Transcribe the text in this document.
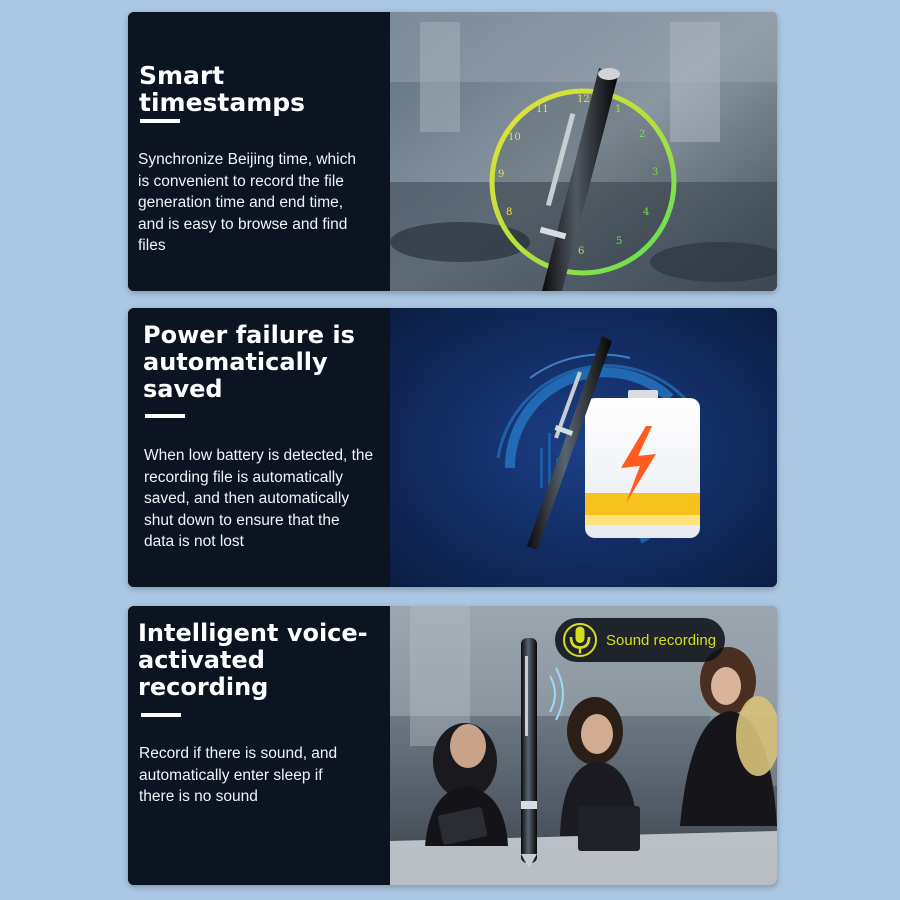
Smart timestamps
Synchronize Beijing time, which
is convenient to record the file
generation time and end time,
and is easy to browse and find
files
12
1
2
3
4
5
6
8
9
10
11
Power failure is
automatically
saved
When low battery is detected, the
recording file is automatically
saved, and then automatically
shut down to ensure that the
data is not lost
Intelligent voice-
activated
recording
Record if there is sound, and
automatically enter sleep if
there is no sound
Sound recording
